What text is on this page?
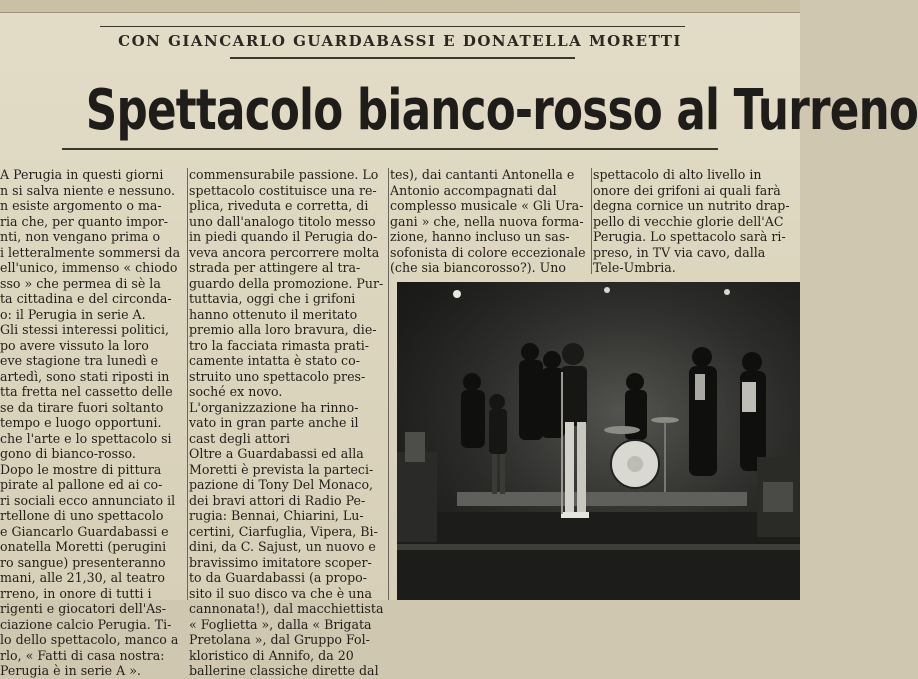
CON GIANCARLO GUARDABASSI E DONATELLA MORETTI
Spettacolo bianco-rosso al Turreno
A Perugia in questi giorni
n si salva niente e nessuno.
n esiste argomento o ma-
ria che, per quanto impor-
nti, non vengano prima o
i letteralmente sommersi da
ell'unico, immenso « chiodo
sso » che permea di sè la
ta cittadina e del circonda-
o: il Perugia in serie A.
Gli stessi interessi politici,
po avere vissuto la loro
eve stagione tra lunedì e
artedì, sono stati riposti in
tta fretta nel cassetto delle
se da tirare fuori soltanto
tempo e luogo opportuni.
che l'arte e lo spettacolo si
gono di bianco-rosso.
Dopo le mostre di pittura
pirate al pallone ed ai co-
ri sociali ecco annunciato il
rtellone di uno spettacolo
e Giancarlo Guardabassi e
onatella Moretti (perugini
ro sangue) presenteranno
mani, alle 21,30, al teatro
rreno, in onore di tutti i
rigenti e giocatori dell'As-
ciazione calcio Perugia. Ti-
lo dello spettacolo, manco a
rlo, « Fatti di casa nostra:
Perugia è in serie A ».
commensurabile passione. Lo
spettacolo costituisce una re-
plica, riveduta e corretta, di
uno dall'analogo titolo messo
in piedi quando il Perugia do-
veva ancora percorrere molta
strada per attingere al tra-
guardo della promozione. Pur-
tuttavia, oggi che i grifoni
hanno ottenuto il meritato
premio alla loro bravura, die-
tro la facciata rimasta prati-
camente intatta è stato co-
struito uno spettacolo pres-
soché ex novo.
L'organizzazione ha rinno-
vato in gran parte anche il
cast degli attori
Oltre a Guardabassi ed alla
Moretti è prevista la parteci-
pazione di Tony Del Monaco,
dei bravi attori di Radio Pe-
rugia: Bennai, Chiarini, Lu-
certini, Ciarfuglia, Vipera, Bi-
dini, da C. Sajust, un nuovo e
bravissimo imitatore scoper-
to da Guardabassi (a propo-
sito il suo disco va che è una
cannonata!), dal macchiettista
« Foglietta », dalla « Brigata
Pretolana », dal Gruppo Fol-
kloristico di Annifo, da 20
ballerine classiche dirette dal
tes), dai cantanti Antonella e
Antonio accompagnati dal
complesso musicale « Gli Ura-
gani » che, nella nuova forma-
zione, hanno incluso un sas-
sofonista di colore eccezionale
(che sia biancorosso?). Uno
spettacolo di alto livello in
onore dei grifoni ai quali farà
degna cornice un nutrito drap-
pello di vecchie glorie dell'AC
Perugia. Lo spettacolo sarà ri-
preso, in TV via cavo, dalla
Tele-Umbria.
